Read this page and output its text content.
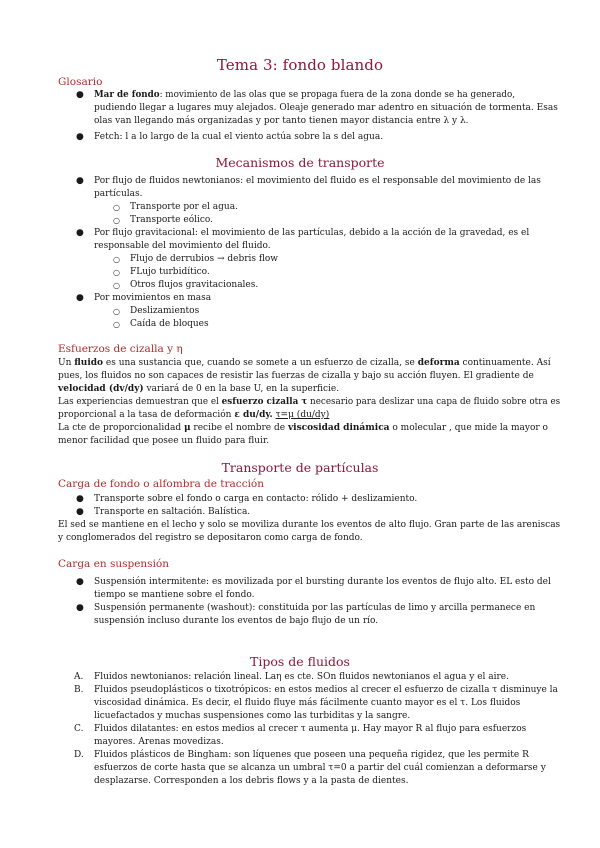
Tema 3: fondo blando
Glosario
● Mar de fondo: movimiento de las olas que se propaga fuera de la zona donde se ha generado,
pudiendo llegar a lugares muy alejados. Oleaje generado mar adentro en situación de tormenta. Esas
olas van llegando más organizadas y por tanto tienen mayor distancia entre λ y λ.
● Fetch: l a lo largo de la cual el viento actúa sobre la s del agua.
Mecanismos de transporte
● Por flujo de fluidos newtonianos: el movimiento del fluido es el responsable del movimiento de las
partículas.
○ Transporte por el agua.
○ Transporte eólico.
● Por flujo gravitacional: el movimiento de las partículas, debido a la acción de la gravedad, es el
responsable del movimiento del fluido.
○ Flujo de derrubios → debris flow
○ FLujo turbidítico.
○ Otros flujos gravitacionales.
● Por movimientos en masa
○ Deslizamientos
○ Caída de bloques
Esfuerzos de cizalla y η
Un fluido es una sustancia que, cuando se somete a un esfuerzo de cizalla, se deforma continuamente. Así
pues, los fluidos no son capaces de resistir las fuerzas de cizalla y bajo su acción fluyen. El gradiente de
velocidad (dv/dy) variará de 0 en la base U, en la superficie.
Las experiencias demuestran que el esfuerzo cizalla τ necesario para deslizar una capa de fluido sobre otra es
proporcional a la tasa de deformación ε du/dy. τ=μ (du/dy)
La cte de proporcionalidad μ recibe el nombre de viscosidad dinámica o molecular , que mide la mayor o
menor facilidad que posee un fluido para fluir.
Transporte de partículas
Carga de fondo o alfombra de tracción
● Transporte sobre el fondo o carga en contacto: rólido + deslizamiento.
● Transporte en saltación. Balística.
El sed se mantiene en el lecho y solo se moviliza durante los eventos de alto flujo. Gran parte de las areniscas
y conglomerados del registro se depositaron como carga de fondo.
Carga en suspensión
● Suspensión intermitente: es movilizada por el bursting durante los eventos de flujo alto. EL esto del
tiempo se mantiene sobre el fondo.
● Suspensión permanente (washout): constituida por las partículas de limo y arcilla permanece en
suspensión incluso durante los eventos de bajo flujo de un río.
Tipos de fluidos
A. Fluidos newtonianos: relación lineal. Laη es cte. SOn fluidos newtonianos el agua y el aire.
B. Fluidos pseudoplásticos o tixotrópicos: en estos medios al crecer el esfuerzo de cizalla τ disminuye la
viscosidad dinámica. Es decir, el fluido fluye más fácilmente cuanto mayor es el τ. Los fluidos
licuefactados y muchas suspensiones como las turbiditas y la sangre.
C. Fluidos dilatantes: en estos medios al crecer τ aumenta μ. Hay mayor R al flujo para esfuerzos
mayores. Arenas movedizas.
D. Fluidos plásticos de Bingham: son líquenes que poseen una pequeña rigidez, que les permite R
esfuerzos de corte hasta que se alcanza un umbral τ=0 a partir del cuál comienzan a deformarse y
desplazarse. Corresponden a los debris flows y a la pasta de dientes.
